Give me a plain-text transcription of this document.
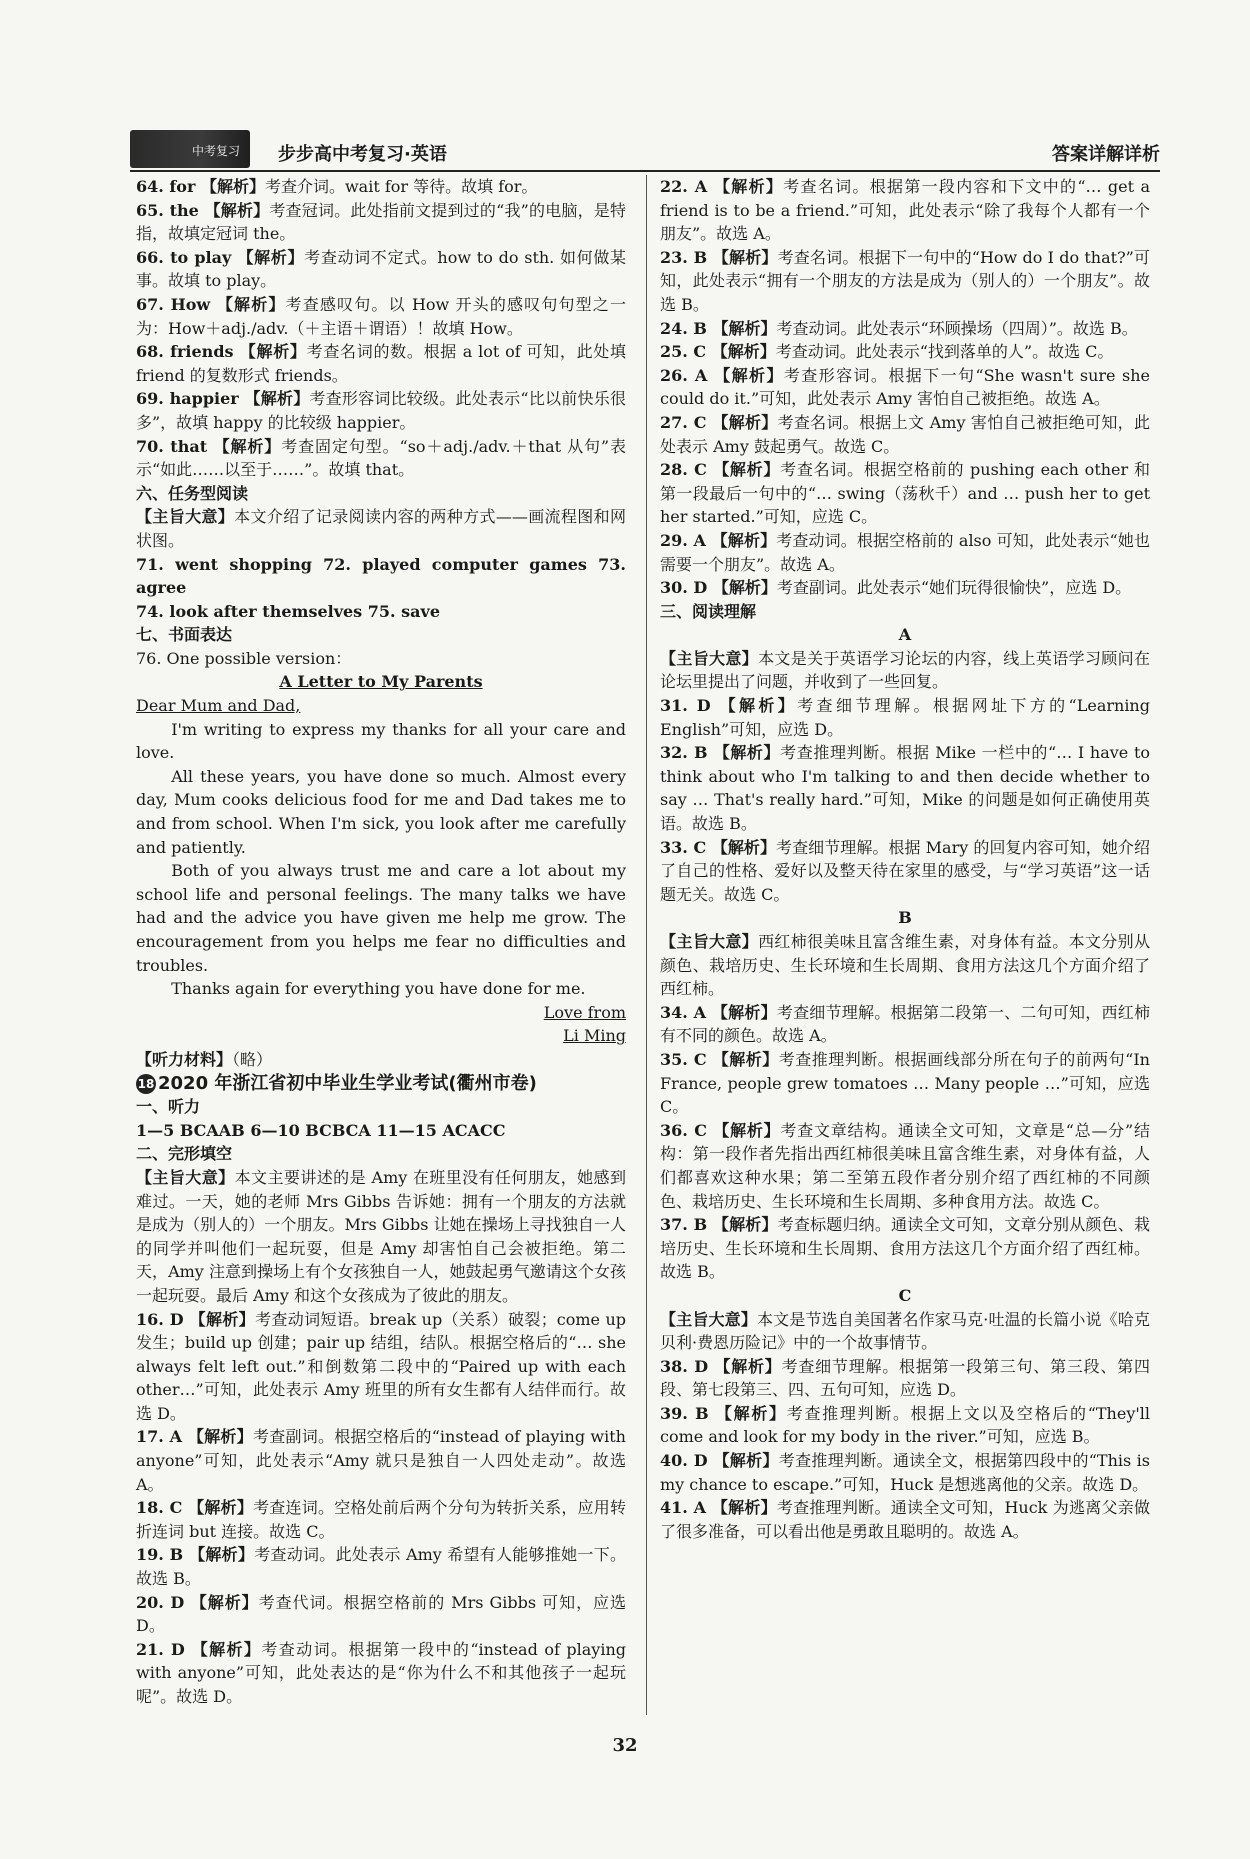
中考复习 步步高中考复习·英语	答案详解详析

64. for 【解析】考查介词。wait for 等待。故填 for。

65. the 【解析】考查冠词。此处指前文提到过的“我”的电脑，是特指，故填定冠词 the。

66. to play 【解析】考查动词不定式。how to do sth. 如何做某事。故填 to play。

67. How 【解析】考查感叹句。以 How 开头的感叹句句型之一为：How＋adj./adv.（＋主语＋谓语）！故填 How。

68. friends 【解析】考查名词的数。根据 a lot of 可知，此处填 friend 的复数形式 friends。

69. happier 【解析】考查形容词比较级。此处表示“比以前快乐很多”，故填 happy 的比较级 happier。

70. that 【解析】考查固定句型。“so＋adj./adv.＋that 从句”表示“如此……以至于……”。故填 that。

六、任务型阅读

【主旨大意】本文介绍了记录阅读内容的两种方式——画流程图和网状图。

71. went shopping 72. played computer games 73. agree

74. look after themselves 75. save

七、书面表达

76. One possible version：

A Letter to My Parents

Dear Mum and Dad,

I'm writing to express my thanks for all your care and love.

All these years, you have done so much. Almost every day, Mum cooks delicious food for me and Dad takes me to and from school. When I'm sick, you look after me carefully and patiently.

Both of you always trust me and care a lot about my school life and personal feelings. The many talks we have had and the advice you have given me help me grow. The encouragement from you helps me fear no difficulties and troubles.

Thanks again for everything you have done for me.

Love from

Li Ming

【听力材料】（略）

18 2020 年浙江省初中毕业生学业考试(衢州市卷)

一、听力

1—5 BCAAB 6—10 BCBCA 11—15 ACACC

二、完形填空

【主旨大意】本文主要讲述的是 Amy 在班里没有任何朋友，她感到难过。一天，她的老师 Mrs Gibbs 告诉她：拥有一个朋友的方法就是成为（别人的）一个朋友。Mrs Gibbs 让她在操场上寻找独自一人的同学并叫他们一起玩耍，但是 Amy 却害怕自己会被拒绝。第二天，Amy 注意到操场上有个女孩独自一人，她鼓起勇气邀请这个女孩一起玩耍。最后 Amy 和这个女孩成为了彼此的朋友。

16. D 【解析】考查动词短语。break up（关系）破裂；come up 发生；build up 创建；pair up 结组，结队。根据空格后的“… she always felt left out.”和倒数第二段中的“Paired up with each other…”可知，此处表示 Amy 班里的所有女生都有人结伴而行。故选 D。

17. A 【解析】考查副词。根据空格后的“instead of playing with anyone”可知，此处表示“Amy 就只是独自一人四处走动”。故选 A。

18. C 【解析】考查连词。空格处前后两个分句为转折关系，应用转折连词 but 连接。故选 C。

19. B 【解析】考查动词。此处表示 Amy 希望有人能够推她一下。故选 B。

20. D 【解析】考查代词。根据空格前的 Mrs Gibbs 可知，应选 D。

21. D 【解析】考查动词。根据第一段中的“instead of playing with anyone”可知，此处表达的是“你为什么不和其他孩子一起玩呢”。故选 D。

22. A 【解析】考查名词。根据第一段内容和下文中的“… get a friend is to be a friend.”可知，此处表示“除了我每个人都有一个朋友”。故选 A。

23. B 【解析】考查名词。根据下一句中的“How do I do that?”可知，此处表示“拥有一个朋友的方法是成为（别人的）一个朋友”。故选 B。

24. B 【解析】考查动词。此处表示“环顾操场（四周）”。故选 B。

25. C 【解析】考查动词。此处表示“找到落单的人”。故选 C。

26. A 【解析】考查形容词。根据下一句“She wasn't sure she could do it.”可知，此处表示 Amy 害怕自己被拒绝。故选 A。

27. C 【解析】考查名词。根据上文 Amy 害怕自己被拒绝可知，此处表示 Amy 鼓起勇气。故选 C。

28. C 【解析】考查名词。根据空格前的 pushing each other 和第一段最后一句中的“… swing（荡秋千）and … push her to get her started.”可知，应选 C。

29. A 【解析】考查动词。根据空格前的 also 可知，此处表示“她也需要一个朋友”。故选 A。

30. D 【解析】考查副词。此处表示“她们玩得很愉快”，应选 D。

三、阅读理解

A

【主旨大意】本文是关于英语学习论坛的内容，线上英语学习顾问在论坛里提出了问题，并收到了一些回复。

31. D 【解析】考查细节理解。根据网址下方的“Learning English”可知，应选 D。

32. B 【解析】考查推理判断。根据 Mike 一栏中的“… I have to think about who I'm talking to and then decide whether to say … That's really hard.”可知，Mike 的问题是如何正确使用英语。故选 B。

33. C 【解析】考查细节理解。根据 Mary 的回复内容可知，她介绍了自己的性格、爱好以及整天待在家里的感受，与“学习英语”这一话题无关。故选 C。

B

【主旨大意】西红柿很美味且富含维生素，对身体有益。本文分别从颜色、栽培历史、生长环境和生长周期、食用方法这几个方面介绍了西红柿。

34. A 【解析】考查细节理解。根据第二段第一、二句可知，西红柿有不同的颜色。故选 A。

35. C 【解析】考查推理判断。根据画线部分所在句子的前两句“In France, people grew tomatoes … Many people …”可知，应选 C。

36. C 【解析】考查文章结构。通读全文可知，文章是“总—分”结构：第一段作者先指出西红柿很美味且富含维生素，对身体有益，人们都喜欢这种水果；第二至第五段作者分别介绍了西红柿的不同颜色、栽培历史、生长环境和生长周期、多种食用方法。故选 C。

37. B 【解析】考查标题归纳。通读全文可知，文章分别从颜色、栽培历史、生长环境和生长周期、食用方法这几个方面介绍了西红柿。故选 B。

C

【主旨大意】本文是节选自美国著名作家马克·吐温的长篇小说《哈克贝利·费恩历险记》中的一个故事情节。

38. D 【解析】考查细节理解。根据第一段第三句、第三段、第四段、第七段第三、四、五句可知，应选 D。

39. B 【解析】考查推理判断。根据上文以及空格后的“They'll come and look for my body in the river.”可知，应选 B。

40. D 【解析】考查推理判断。通读全文，根据第四段中的“This is my chance to escape.”可知，Huck 是想逃离他的父亲。故选 D。

41. A 【解析】考查推理判断。通读全文可知，Huck 为逃离父亲做了很多准备，可以看出他是勇敢且聪明的。故选 A。

32
